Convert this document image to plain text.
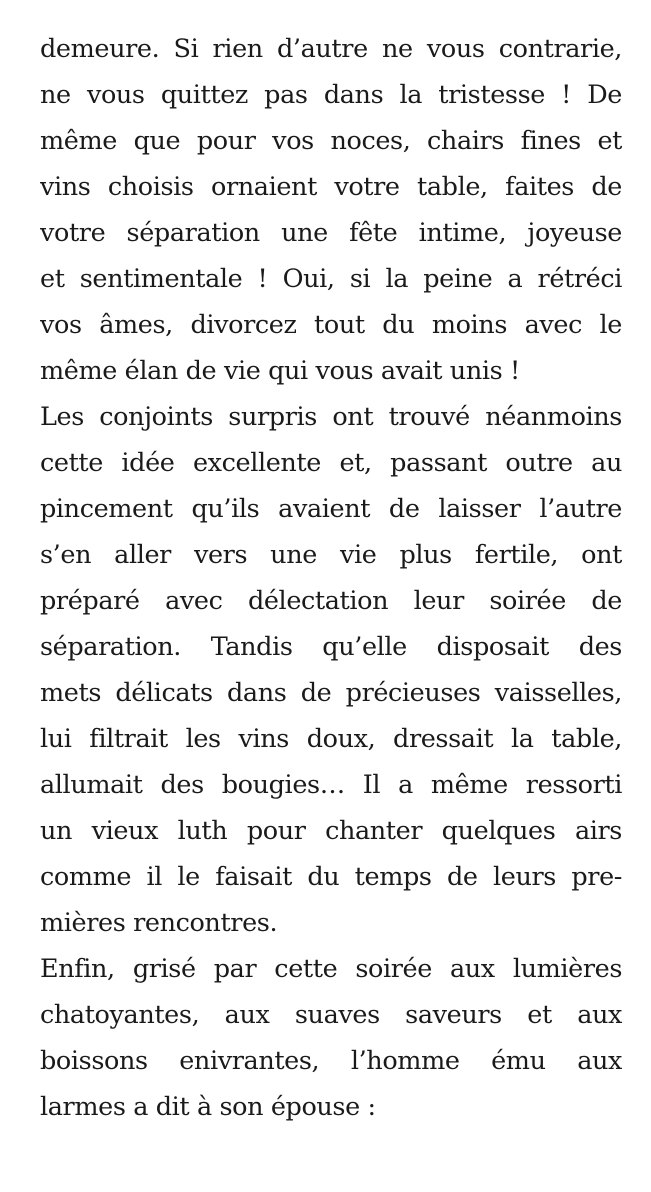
demeure. Si rien d’autre ne vous contrarie,
ne vous quittez pas dans la tristesse ! De
même que pour vos noces, chairs fines et
vins choisis ornaient votre table, faites de
votre séparation une fête intime, joyeuse
et sentimentale ! Oui, si la peine a rétréci
vos âmes, divorcez tout du moins avec le
même élan de vie qui vous avait unis !
Les conjoints surpris ont trouvé néanmoins
cette idée excellente et, passant outre au
pincement qu’ils avaient de laisser l’autre
s’en aller vers une vie plus fertile, ont
préparé avec délectation leur soirée de
séparation. Tandis qu’elle disposait des
mets délicats dans de précieuses vaisselles,
lui filtrait les vins doux, dressait la table,
allumait des bougies… Il a même ressorti
un vieux luth pour chanter quelques airs
comme il le faisait du temps de leurs pre-
mières rencontres.
Enfin, grisé par cette soirée aux lumières
chatoyantes, aux suaves saveurs et aux
boissons enivrantes, l’homme ému aux
larmes a dit à son épouse :
